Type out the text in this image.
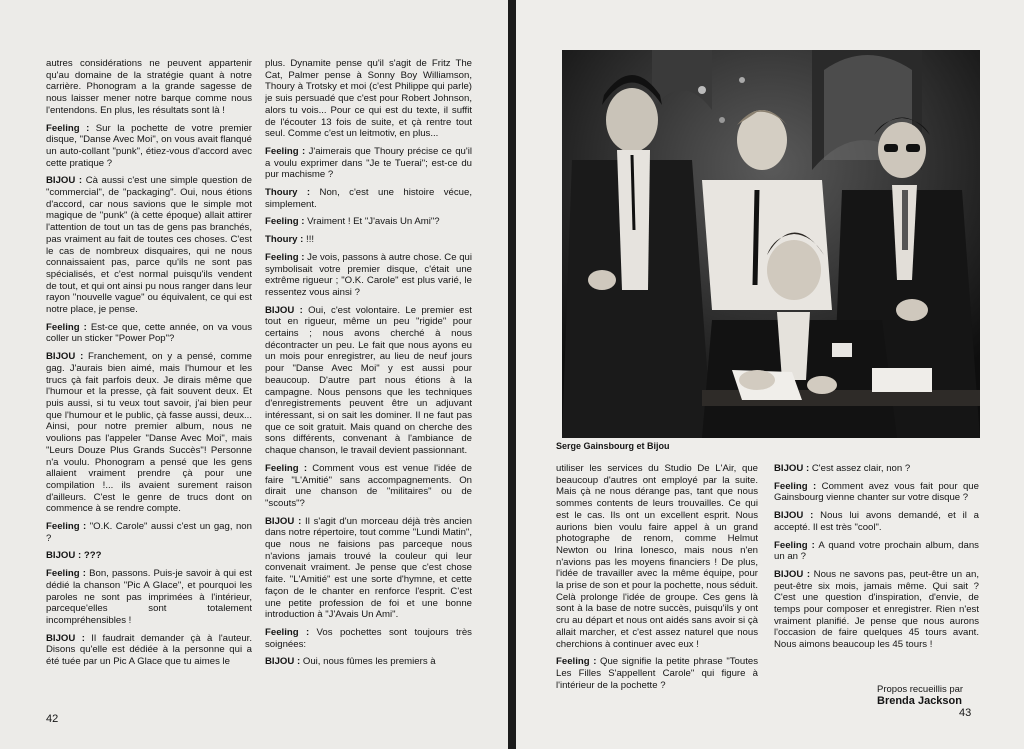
autres considérations ne peuvent appartenir qu'au domaine de la stratégie quant à notre carrière. Phonogram a la grande sagesse de nous laisser mener notre barque comme nous l'entendons. En plus, les résultats sont là !

Feeling : Sur la pochette de votre premier disque, "Danse Avec Moi", on vous avait flanqué un auto-collant "punk", étiez-vous d'accord avec cette pratique ?

BIJOU : Cà aussi c'est une simple question de "commercial", de "packaging". Oui, nous étions d'accord, car nous savions que le simple mot magique de "punk" (à cette époque) allait attirer l'attention de tout un tas de gens pas branchés, pas vraiment au fait de toutes ces choses. C'est le cas de nombreux disquaires, qui ne nous connaissaient pas, parce qu'ils ne sont pas spécialisés, et c'est normal puisqu'ils vendent de tout, et qui ont ainsi pu nous ranger dans leur rayon "nouvelle vague" ou équivalent, ce qui est notre place, je pense.

Feeling : Est-ce que, cette année, on va vous coller un sticker "Power Pop"?

BIJOU : Franchement, on y a pensé, comme gag. J'aurais bien aimé, mais l'humour et les trucs çà fait parfois deux. Je dirais même que l'humour et la presse, çà fait souvent deux. Et puis aussi, si tu veux tout savoir, j'ai bien peur que l'humour et le public, çà fasse aussi, deux... Ainsi, pour notre premier album, nous ne voulions pas l'appeler "Danse Avec Moi", mais "Leurs Douze Plus Grands Succès"! Personne n'a voulu. Phonogram a pensé que les gens allaient vraiment prendre çà pour une compilation !... ils avaient surement raison d'ailleurs. C'est le genre de trucs dont on commence à se rendre compte.

Feeling : "O.K. Carole" aussi c'est un gag, non ?

BIJOU : ???

Feeling : Bon, passons. Puis-je savoir à qui est dédié la chanson "Pic A Glace", et pourquoi les paroles ne sont pas imprimées à l'intérieur, parceque'elles sont totalement incompréhensibles !

BIJOU : Il faudrait demander çà à l'auteur. Disons qu'elle est dédiée à la personne qui a été tuée par un Pic A Glace que tu aimes le

plus. Dynamite pense qu'il s'agit de Fritz The Cat, Palmer pense à Sonny Boy Williamson, Thoury à Trotsky et moi (c'est Philippe qui parle) je suis persuadé que c'est pour Robert Johnson, alors tu vois... Pour ce qui est du texte, il suffit de l'écouter 13 fois de suite, et çà rentre tout seul. Comme c'est un leitmotiv, en plus...

Feeling : J'aimerais que Thoury précise ce qu'il a voulu exprimer dans "Je te Tuerai"; est-ce du pur machisme ?

Thoury : Non, c'est une histoire vécue, simplement.

Feeling : Vraiment ! Et "J'avais Un Ami"?

Thoury : !!!

Feeling : Je vois, passons à autre chose. Ce qui symbolisait votre premier disque, c'était une extrême rigueur ; "O.K. Carole" est plus varié, le ressentez vous ainsi ?

BIJOU : Oui, c'est volontaire. Le premier est tout en rigueur, même un peu "rigide" pour certains ; nous avons cherché à nous décontracter un peu. Le fait que nous ayons eu un mois pour enregistrer, au lieu de neuf jours pour "Danse Avec Moi" y est aussi pour beaucoup. D'autre part nous étions à la campagne. Nous pensons que les techniques d'enregistrements peuvent être un adjuvant intéressant, si on sait les dominer. Il ne faut pas que ce soit gratuit. Mais quand on cherche des sons différents, convenant à l'ambiance de chaque chanson, le travail devient passionnant.

Feeling : Comment vous est venue l'idée de faire "L'Amitié" sans accompagnements. On dirait une chanson de "militaires" ou de "scouts"?

BIJOU : Il s'agit d'un morceau déjà très ancien dans notre répertoire, tout comme "Lundi Matin", que nous ne faisions pas parceque nous n'avions jamais trouvé la couleur qui leur convenait vraiment. Je pense que c'est chose faite. "L'Amitié" est une sorte d'hymne, et cette façon de le chanter en renforce l'esprit. C'est une petite profession de foi et une bonne introduction à "J'Avais Un Ami".

Feeling : Vos pochettes sont toujours très soignées:

BIJOU : Oui, nous fûmes les premiers à

42
Serge Gainsbourg et Bijou

utiliser les services du Studio De L'Air, que beaucoup d'autres ont employé par la suite. Mais çà ne nous dérange pas, tant que nous sommes contents de leurs trouvailles. Ce qui est le cas. Ils ont un excellent esprit. Nous aurions bien voulu faire appel à un grand photographe de renom, comme Helmut Newton ou Irina Ionesco, mais nous n'en n'avions pas les moyens financiers ! De plus, l'idée de travailler avec la même équipe, pour la prise de son et pour la pochette, nous séduit. Celà prolonge l'idée de groupe. Ces gens là sont à la base de notre succès, puisqu'ils y ont cru au départ et nous ont aidés sans avoir si çà allait marcher, et c'est assez naturel que nous cherchions à continuer avec eux !

Feeling : Que signifie la petite phrase "Toutes Les Filles S'appellent Carole" qui figure à l'intérieur de la pochette ?

BIJOU : C'est assez clair, non ?

Feeling : Comment avez vous fait pour que Gainsbourg vienne chanter sur votre disque ?

BIJOU : Nous lui avons demandé, et il a accepté. Il est très "cool".

Feeling : A quand votre prochain album, dans un an ?

BIJOU : Nous ne savons pas, peut-être un an, peut-être six mois, jamais même. Qui sait ? C'est une question d'inspiration, d'envie, de temps pour composer et enregistrer. Rien n'est vraiment planifié. Je pense que nous aurons l'occasion de faire quelques 45 tours avant. Nous aimons beaucoup les 45 tours !

Propos recueillis par
Brenda Jackson
43
